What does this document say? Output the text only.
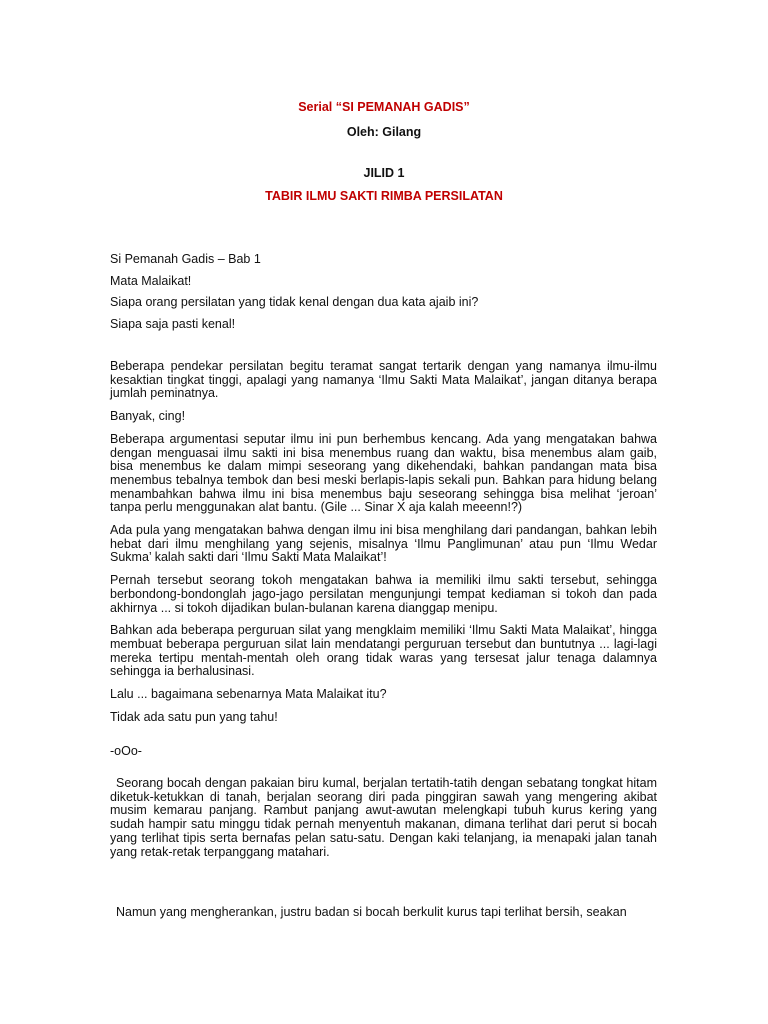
Serial “SI PEMANAH GADIS”
Oleh: Gilang
JILID 1
TABIR ILMU SAKTI RIMBA PERSILATAN

Si Pemanah Gadis – Bab 1

Mata Malaikat!

Siapa orang persilatan yang tidak kenal dengan dua kata ajaib ini?

Siapa saja pasti kenal!

Beberapa pendekar persilatan begitu teramat sangat tertarik dengan yang namanya ilmu-ilmu kesaktian tingkat tinggi, apalagi yang namanya ‘Ilmu Sakti Mata Malaikat’, jangan ditanya berapa jumlah peminatnya.

Banyak, cing!

Beberapa argumentasi seputar ilmu ini pun berhembus kencang. Ada yang mengatakan bahwa dengan menguasai ilmu sakti ini bisa menembus ruang dan waktu, bisa menembus alam gaib, bisa menembus ke dalam mimpi seseorang yang dikehendaki, bahkan pandangan mata bisa menembus tebalnya tembok dan besi meski berlapis-lapis sekali pun. Bahkan para hidung belang menambahkan bahwa ilmu ini bisa menembus baju seseorang sehingga bisa melihat ‘jeroan’ tanpa perlu menggunakan alat bantu. (Gile ... Sinar X aja kalah meeenn!?)

Ada pula yang mengatakan bahwa dengan ilmu ini bisa menghilang dari pandangan, bahkan lebih hebat dari ilmu menghilang yang sejenis, misalnya ‘Ilmu Panglimunan’ atau pun ‘Ilmu Wedar Sukma’ kalah sakti dari ‘Ilmu Sakti Mata Malaikat’!

Pernah tersebut seorang tokoh mengatakan bahwa ia memiliki ilmu sakti tersebut, sehingga berbondong-bondonglah jago-jago persilatan mengunjungi tempat kediaman si tokoh dan pada akhirnya ... si tokoh dijadikan bulan-bulanan karena dianggap menipu.

Bahkan ada beberapa perguruan silat yang mengklaim memiliki ‘Ilmu Sakti Mata Malaikat’, hingga membuat beberapa perguruan silat lain mendatangi perguruan tersebut dan buntutnya ... lagi-lagi mereka tertipu mentah-mentah oleh orang tidak waras yang tersesat jalur tenaga dalamnya sehingga ia berhalusinasi.

Lalu ... bagaimana sebenarnya Mata Malaikat itu?

Tidak ada satu pun yang tahu!

-oOo-

Seorang bocah dengan pakaian biru kumal, berjalan tertatih-tatih dengan sebatang tongkat hitam diketuk-ketukkan di tanah, berjalan seorang diri pada pinggiran sawah yang mengering akibat musim kemarau panjang. Rambut panjang awut-awutan melengkapi tubuh kurus kering yang sudah hampir satu minggu tidak pernah menyentuh makanan, dimana terlihat dari perut si bocah yang terlihat tipis serta bernafas pelan satu-satu. Dengan kaki telanjang, ia menapaki jalan tanah yang retak-retak terpanggang matahari.

Namun yang mengherankan, justru badan si bocah berkulit kurus tapi terlihat bersih, seakan
